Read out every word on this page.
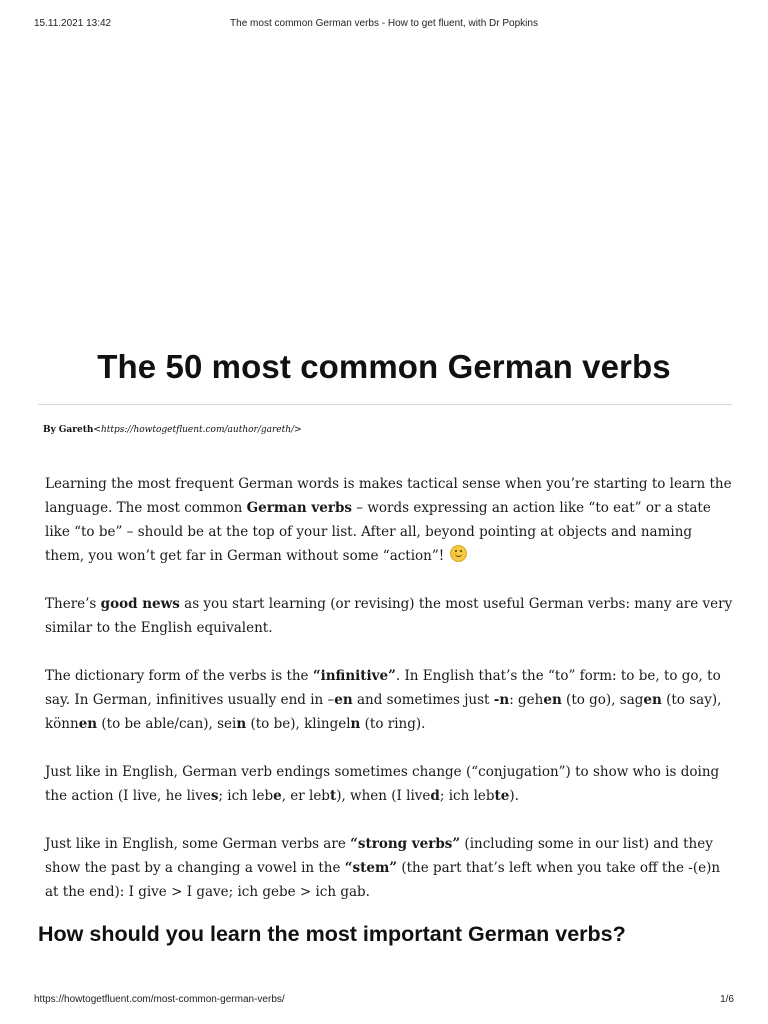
15.11.2021 13:42	The most common German verbs - How to get fluent, with Dr Popkins
The 50 most common German verbs
By Gareth<https://howtogetfluent.com/author/gareth/>

Learning the most frequent German words is makes tactical sense when you’re starting to learn the language. The most common German verbs – words expressing an action like “to eat” or a state like “to be” – should be at the top of your list. After all, beyond pointing at objects and naming them, you won’t get far in German without some “action”!

There’s good news as you start learning (or revising) the most useful German verbs: many are very similar to the English equivalent.

The dictionary form of the verbs is the “infinitive”. In English that’s the “to” form: to be, to go, to say. In German, infinitives usually end in –en and sometimes just -n: gehen (to go), sagen (to say), können (to be able/can), sein (to be), klingeln (to ring).

Just like in English, German verb endings sometimes change (“conjugation”) to show who is doing the action (I live, he lives; ich lebe, er lebt), when (I lived; ich lebte).

Just like in English, some German verbs are “strong verbs” (including some in our list) and they show the past by a changing a vowel in the “stem” (the part that’s left when you take off the -(e)n at the end): I give > I gave; ich gebe > ich gab.

How should you learn the most important German verbs?
https://howtogetfluent.com/most-common-german-verbs/	1/6
